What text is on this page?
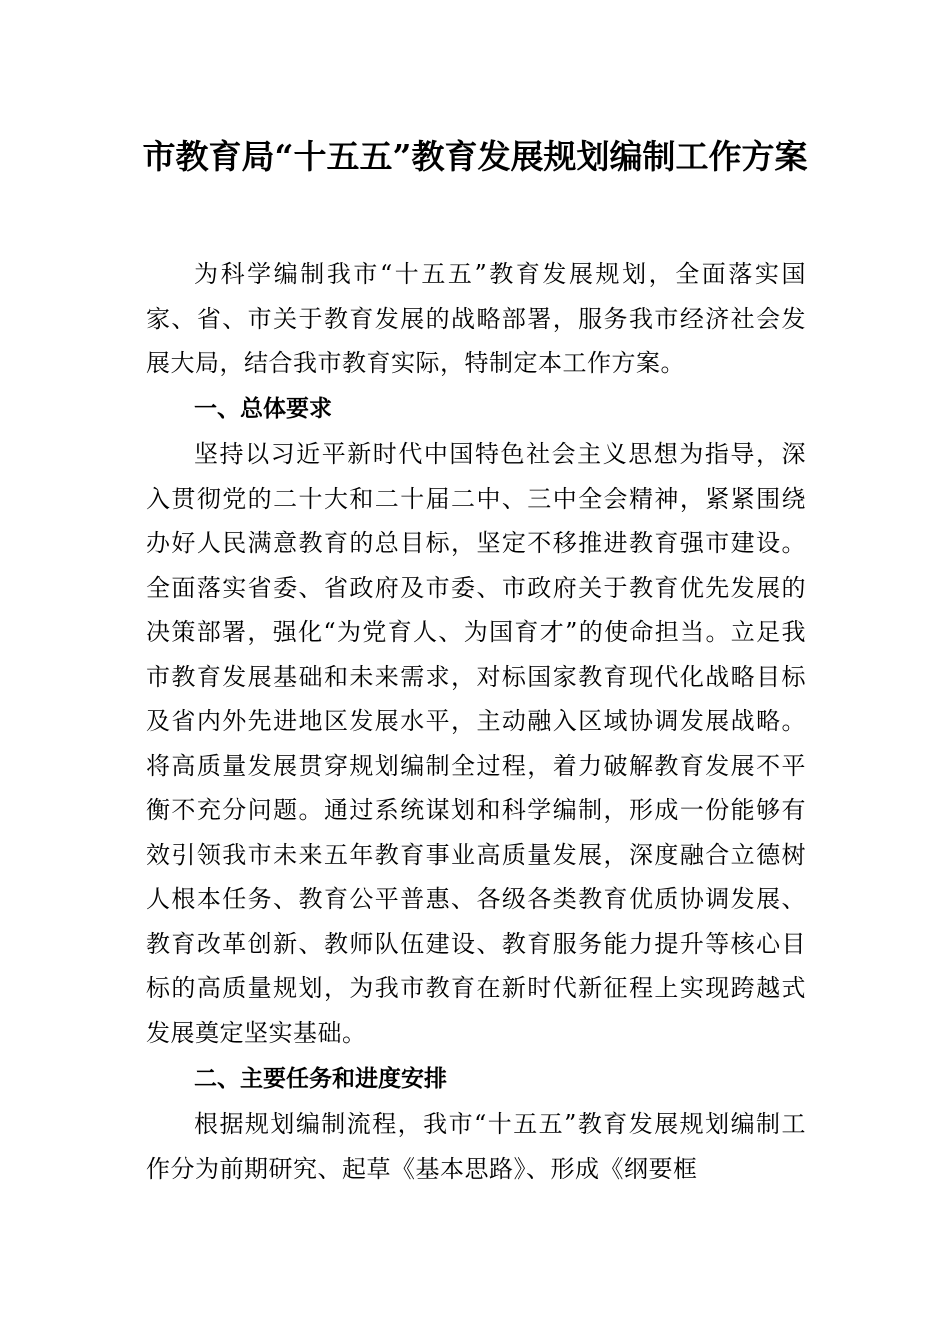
市教育局“十五五”教育发展规划编制工作方案

为科学编制我市“十五五”教育发展规划，全面落实国家、省、市关于教育发展的战略部署，服务我市经济社会发展大局，结合我市教育实际，特制定本工作方案。

一、总体要求

坚持以习近平新时代中国特色社会主义思想为指导，深入贯彻党的二十大和二十届二中、三中全会精神，紧紧围绕办好人民满意教育的总目标，坚定不移推进教育强市建设。全面落实省委、省政府及市委、市政府关于教育优先发展的决策部署，强化“为党育人、为国育才”的使命担当。立足我市教育发展基础和未来需求，对标国家教育现代化战略目标及省内外先进地区发展水平，主动融入区域协调发展战略。将高质量发展贯穿规划编制全过程，着力破解教育发展不平衡不充分问题。通过系统谋划和科学编制，形成一份能够有效引领我市未来五年教育事业高质量发展，深度融合立德树人根本任务、教育公平普惠、各级各类教育优质协调发展、教育改革创新、教师队伍建设、教育服务能力提升等核心目标的高质量规划，为我市教育在新时代新征程上实现跨越式发展奠定坚实基础。

二、主要任务和进度安排

根据规划编制流程，我市“十五五”教育发展规划编制工作分为前期研究、起草《基本思路》、形成《纲要框
